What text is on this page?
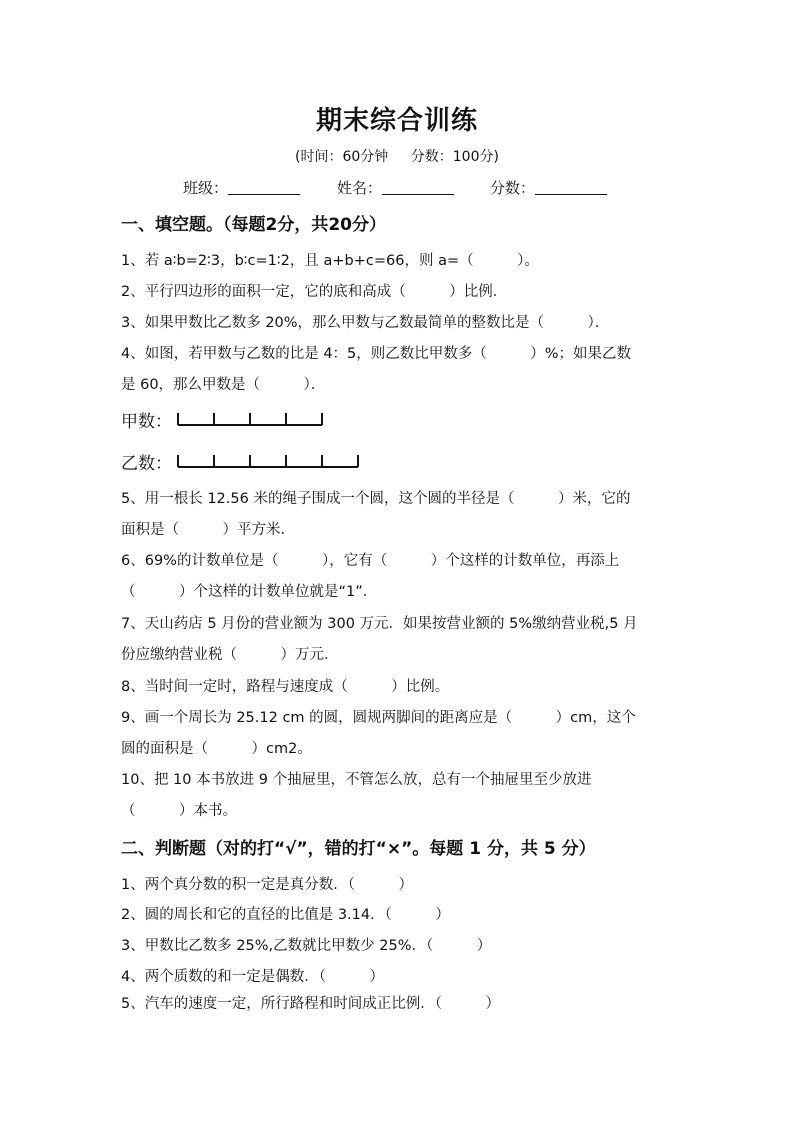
期末综合训练
(时间：60分钟 分数：100分)
班级：	姓名：	分数：
一、填空题。（每题2分，共20分）
1、若 a∶b=2∶3，b∶c=1∶2，且 a+b+c=66，则 a=（　　　）。
2、平行四边形的面积一定，它的底和高成（　　　）比例．
3、如果甲数比乙数多 20%，那么甲数与乙数最简单的整数比是（　　　）．
4、如图，若甲数与乙数的比是 4：5，则乙数比甲数多（　　　）%；如果乙数
是 60，那么甲数是（　　　）．
甲数：
乙数：
5、用一根长 12.56 米的绳子围成一个圆，这个圆的半径是（　　　）米，它的
面积是（　　　）平方米．
6、69%的计数单位是（　　　），它有（　　　）个这样的计数单位，再添上
（　　　）个这样的计数单位就是“1”．
7、天山药店 5 月份的营业额为 300 万元．如果按营业额的 5%缴纳营业税,5 月
份应缴纳营业税（　　　）万元．
8、当时间一定时，路程与速度成（　　　）比例。
9、画一个周长为 25.12 cm 的圆，圆规两脚间的距离应是（　　　）cm，这个
圆的面积是（　　　）cm2。
10、把 10 本书放进 9 个抽屉里，不管怎么放，总有一个抽屉里至少放进
（　　　）本书。
二、判断题（对的打“√”，错的打“×”。每题 1 分，共 5 分）
1、两个真分数的积一定是真分数．（　　　）
2、圆的周长和它的直径的比值是 3.14．（　　　）
3、甲数比乙数多 25%,乙数就比甲数少 25%．（　　　）
4、两个质数的和一定是偶数．（　　　）
5、汽车的速度一定，所行路程和时间成正比例．（　　　）
